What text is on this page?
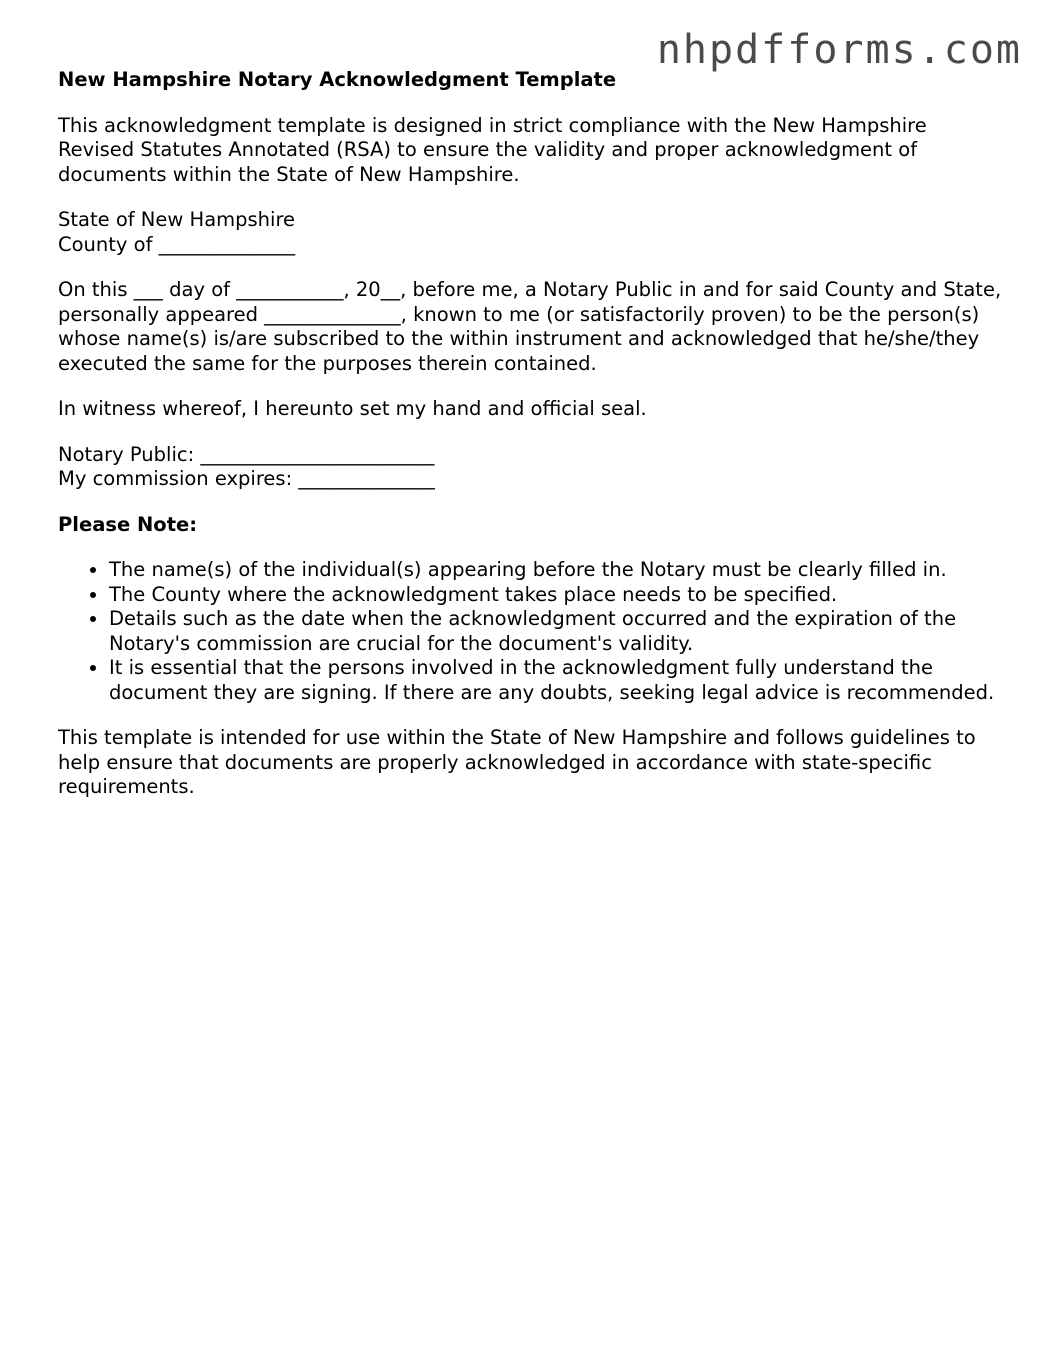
nhpdfforms.com
New Hampshire Notary Acknowledgment Template

This acknowledgment template is designed in strict compliance with the New Hampshire Revised Statutes Annotated (RSA) to ensure the validity and proper acknowledgment of documents within the State of New Hampshire.

State of New Hampshire
County of ______________

On this ___ day of ___________, 20__, before me, a Notary Public in and for said County and State, personally appeared ______________, known to me (or satisfactorily proven) to be the person(s) whose name(s) is/are subscribed to the within instrument and acknowledged that he/she/they executed the same for the purposes therein contained.

In witness whereof, I hereunto set my hand and official seal.

Notary Public: ________________________
My commission expires: ______________

Please Note:
• The name(s) of the individual(s) appearing before the Notary must be clearly filled in.
• The County where the acknowledgment takes place needs to be specified.
• Details such as the date when the acknowledgment occurred and the expiration of the Notary's commission are crucial for the document's validity.
• It is essential that the persons involved in the acknowledgment fully understand the document they are signing. If there are any doubts, seeking legal advice is recommended.

This template is intended for use within the State of New Hampshire and follows guidelines to help ensure that documents are properly acknowledged in accordance with state-specific requirements.
